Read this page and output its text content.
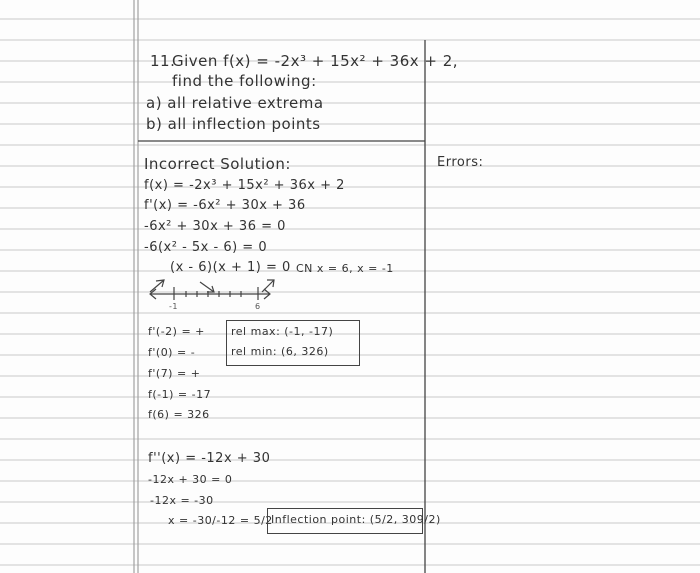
11.
Given f(x) = -2x³ + 15x² + 36x + 2,
find the following:
a) all relative extrema
b) all inflection points
Errors:
Incorrect Solution:
f(x) = -2x³ + 15x² + 36x + 2
f'(x) = -6x² + 30x + 36
-6x² + 30x + 36 = 0
-6(x² - 5x - 6) = 0
(x - 6)(x + 1) = 0 CN x = 6, x = -1
-1	6
f'(-2) = +
f'(0) = -
f'(7) = +
f(-1) = -17
f(6) = 326
rel max: (-1, -17)
rel min: (6, 326)
f''(x) = -12x + 30
-12x + 30 = 0
-12x = -30
x = -30/-12 = 5/2
Inflection point: (5/2, 309/2)
